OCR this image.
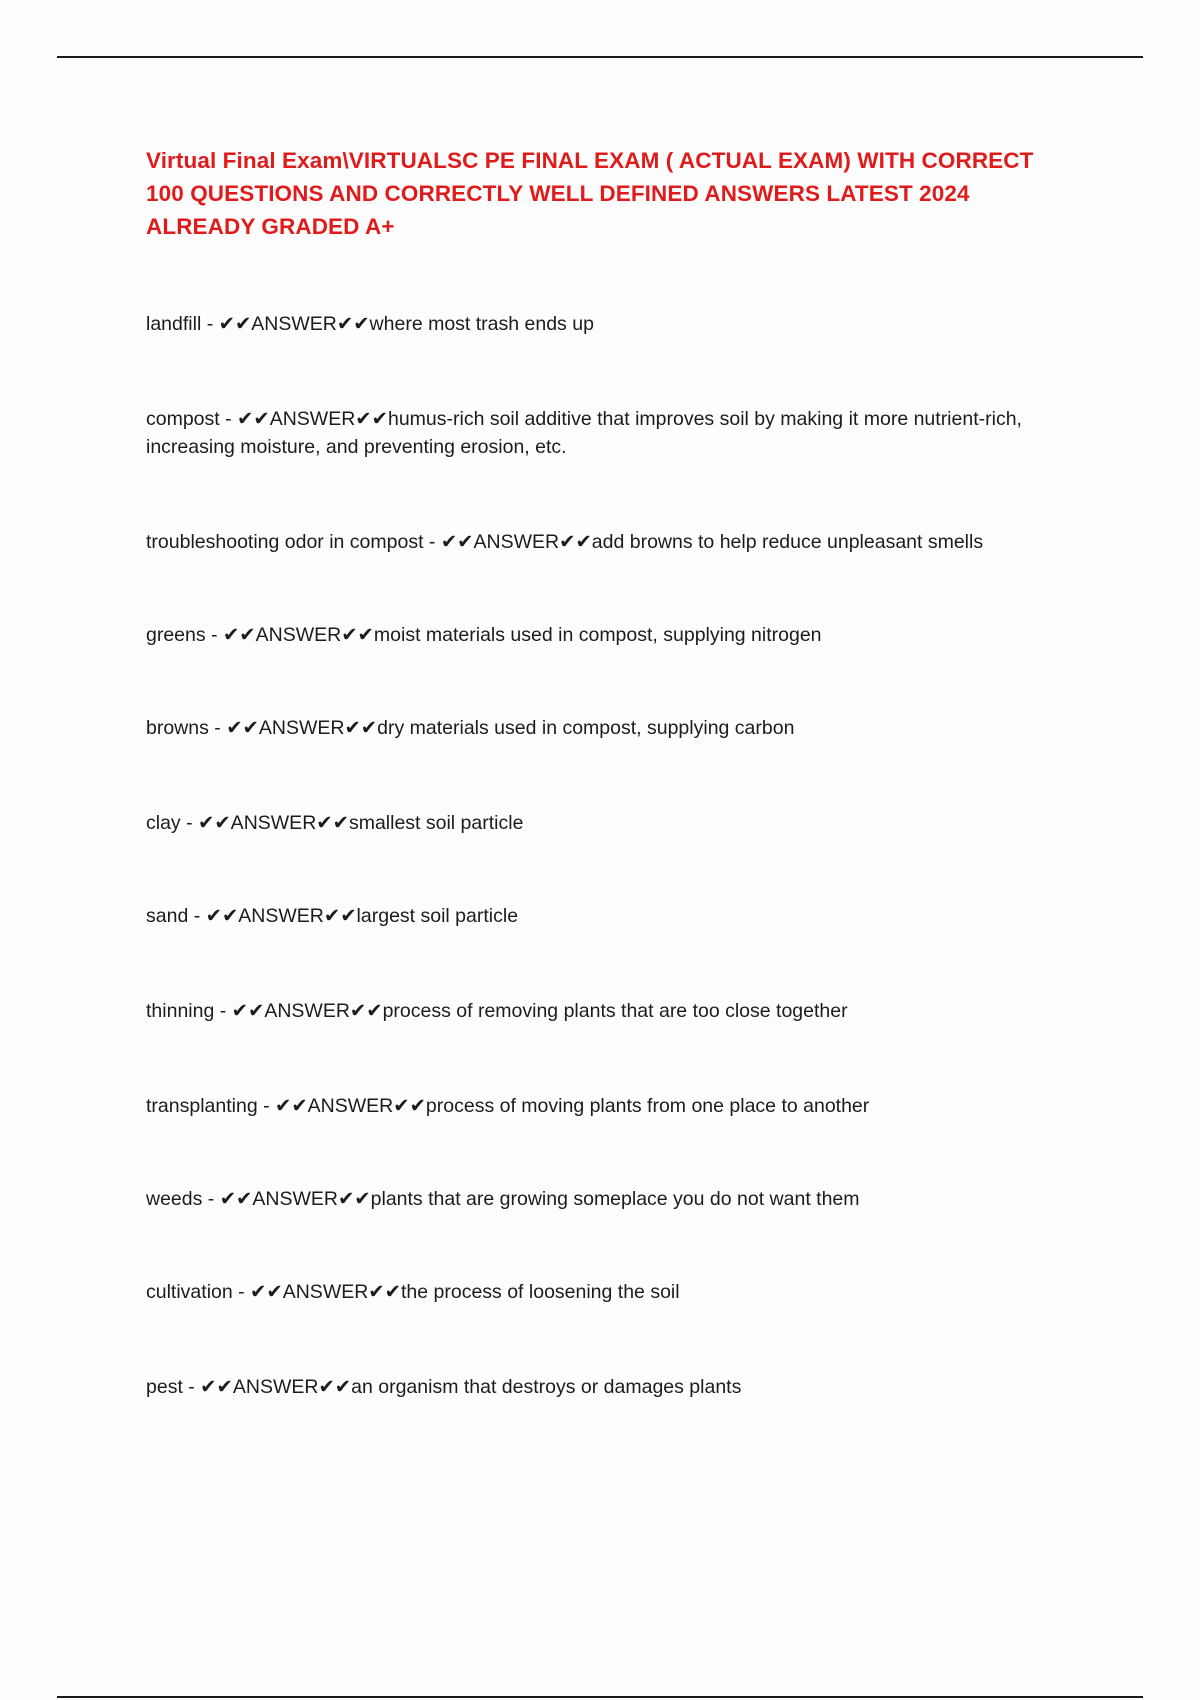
Virtual Final Exam\VIRTUALSC PE FINAL EXAM ( ACTUAL EXAM) WITH CORRECT 100 QUESTIONS AND CORRECTLY WELL DEFINED ANSWERS LATEST 2024 ALREADY GRADED A+
landfill - ✔✔ANSWER✔✔where most trash ends up
compost - ✔✔ANSWER✔✔humus-rich soil additive that improves soil by making it more nutrient-rich, increasing moisture, and preventing erosion, etc.
troubleshooting odor in compost - ✔✔ANSWER✔✔add browns to help reduce unpleasant smells
greens - ✔✔ANSWER✔✔moist materials used in compost, supplying nitrogen
browns - ✔✔ANSWER✔✔dry materials used in compost, supplying carbon
clay - ✔✔ANSWER✔✔smallest soil particle
sand - ✔✔ANSWER✔✔largest soil particle
thinning - ✔✔ANSWER✔✔process of removing plants that are too close together
transplanting - ✔✔ANSWER✔✔process of moving plants from one place to another
weeds - ✔✔ANSWER✔✔plants that are growing someplace you do not want them
cultivation - ✔✔ANSWER✔✔the process of loosening the soil
pest - ✔✔ANSWER✔✔an organism that destroys or damages plants
